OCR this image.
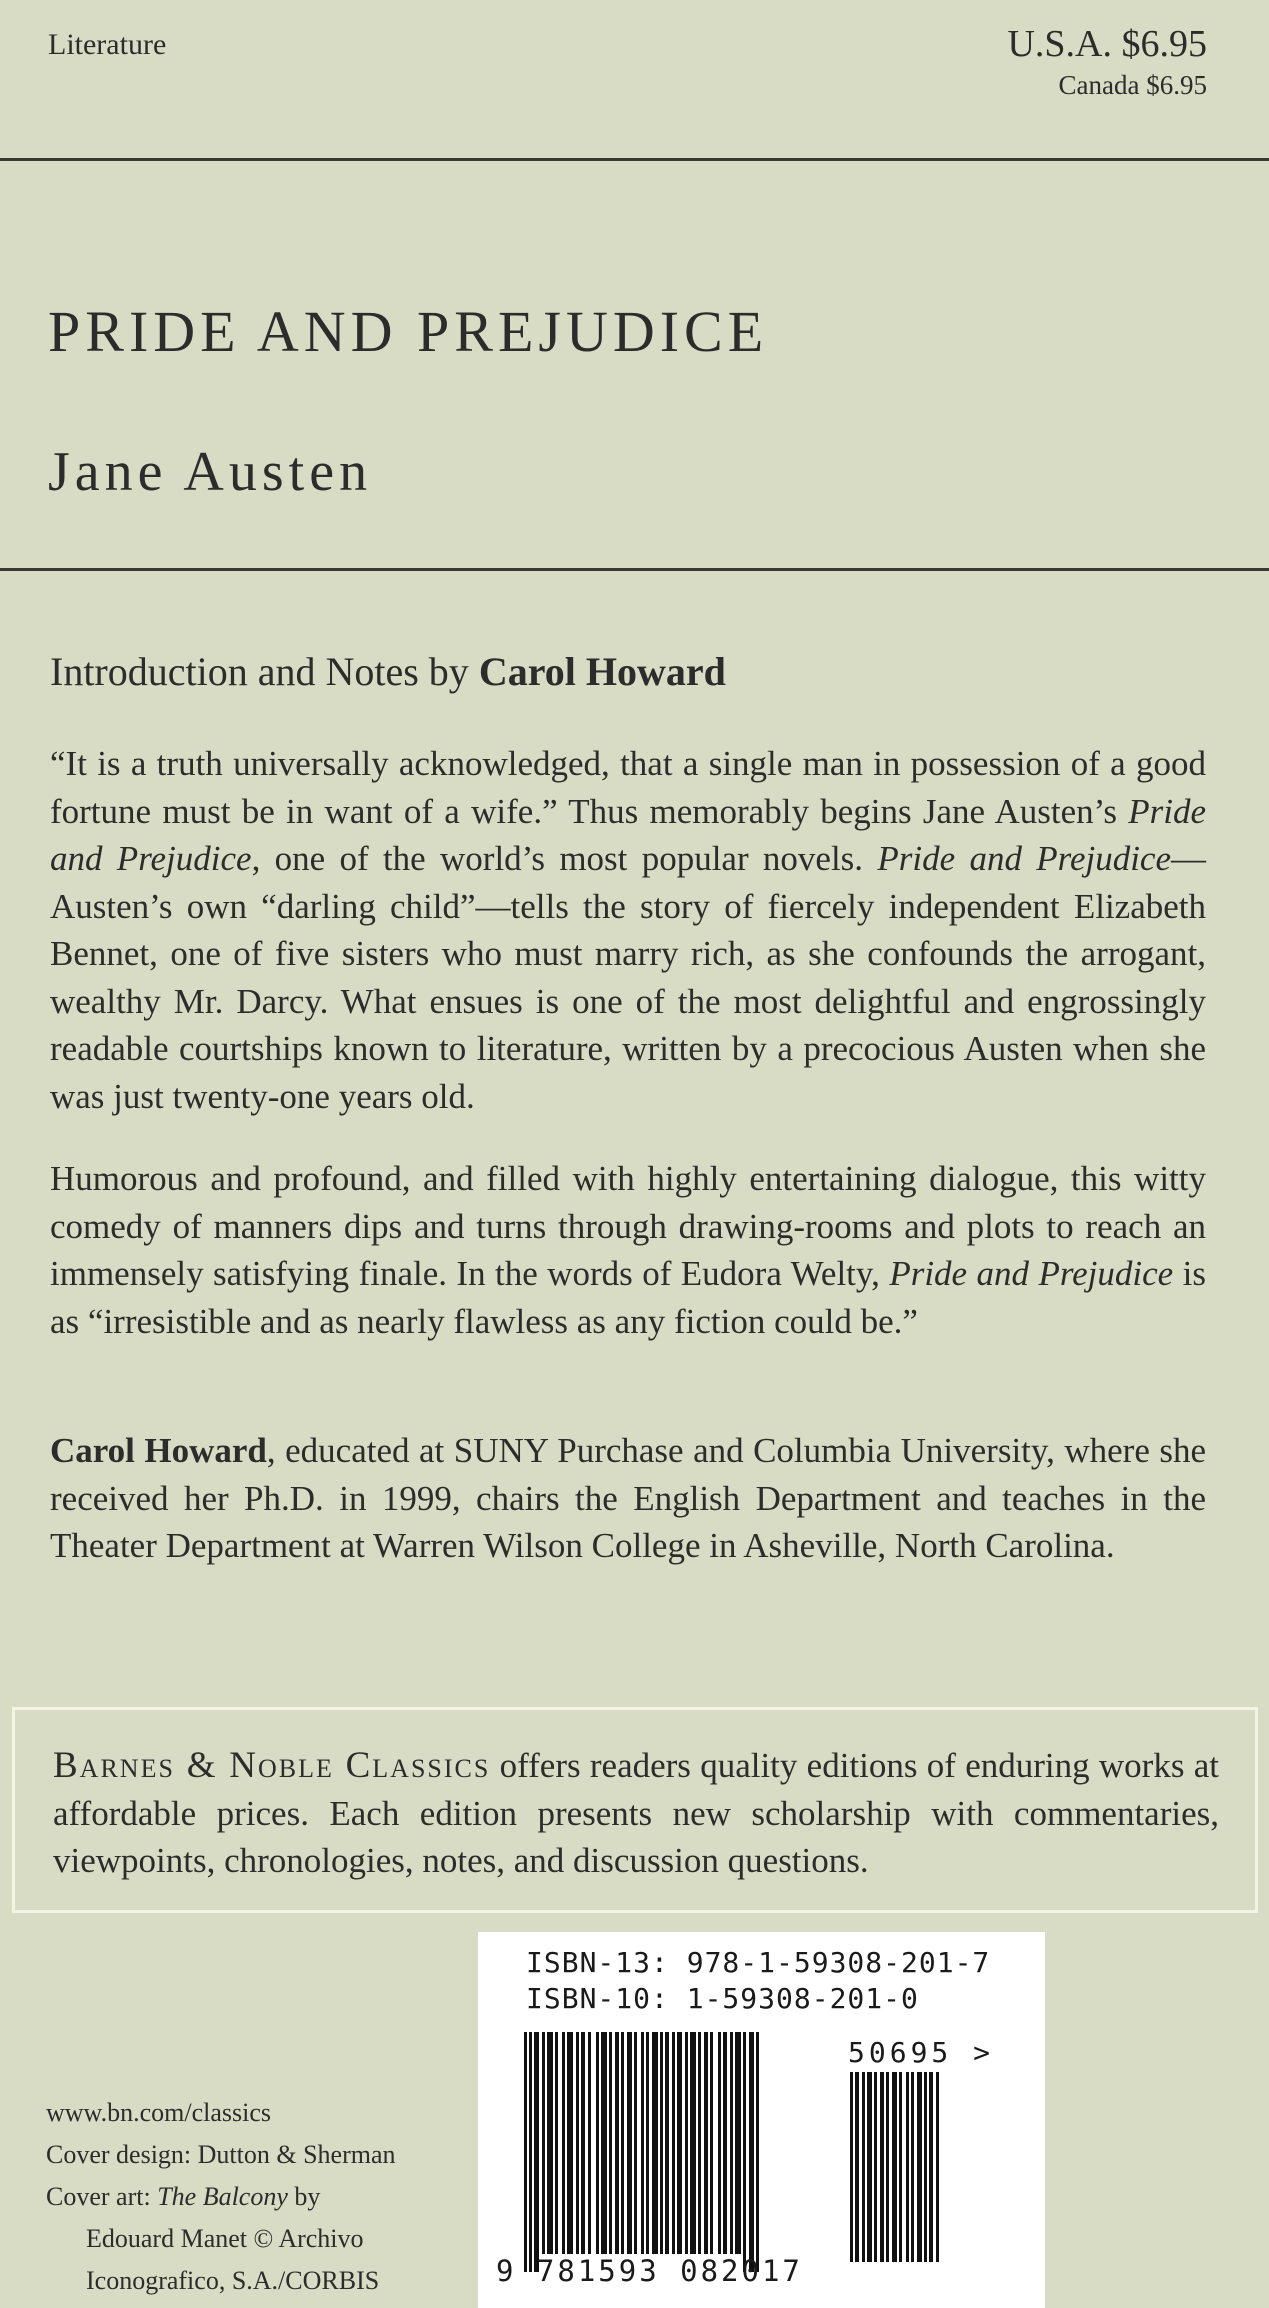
Literature	U.S.A. $6.95
Canada $6.95
PRIDE AND PREJUDICE
Jane Austen
Introduction and Notes by Carol Howard
“It is a truth universally acknowledged, that a single man in possession of a good fortune must be in want of a wife.” Thus memorably begins Jane Austen’s Pride and Prejudice, one of the world’s most popular novels. Pride and Prejudice—Austen’s own “darling child”—tells the story of fiercely independent Elizabeth Bennet, one of five sisters who must marry rich, as she confounds the arrogant, wealthy Mr. Darcy. What ensues is one of the most delightful and engrossingly readable courtships known to literature, written by a precocious Austen when she was just twenty-one years old.
Humorous and profound, and filled with highly entertaining dialogue, this witty comedy of manners dips and turns through drawing-rooms and plots to reach an immensely satisfying finale. In the words of Eudora Welty, Pride and Prejudice is as “irresistible and as nearly flawless as any fiction could be.”
Carol Howard, educated at SUNY Purchase and Columbia University, where she received her Ph.D. in 1999, chairs the English Department and teaches in the Theater Department at Warren Wilson College in Asheville, North Carolina.
Barnes & Noble Classics offers readers quality editions of enduring works at affordable prices. Each edition presents new scholarship with commentaries, viewpoints, chronologies, notes, and discussion questions.
www.bn.com/classics
Cover design: Dutton & Sherman
Cover art: The Balcony by
Edouard Manet © Archivo
Iconografico, S.A./CORBIS
ISBN-13: 978-1-59308-201-7
ISBN-10: 1-59308-201-0
50695 >
9 781593 082017
